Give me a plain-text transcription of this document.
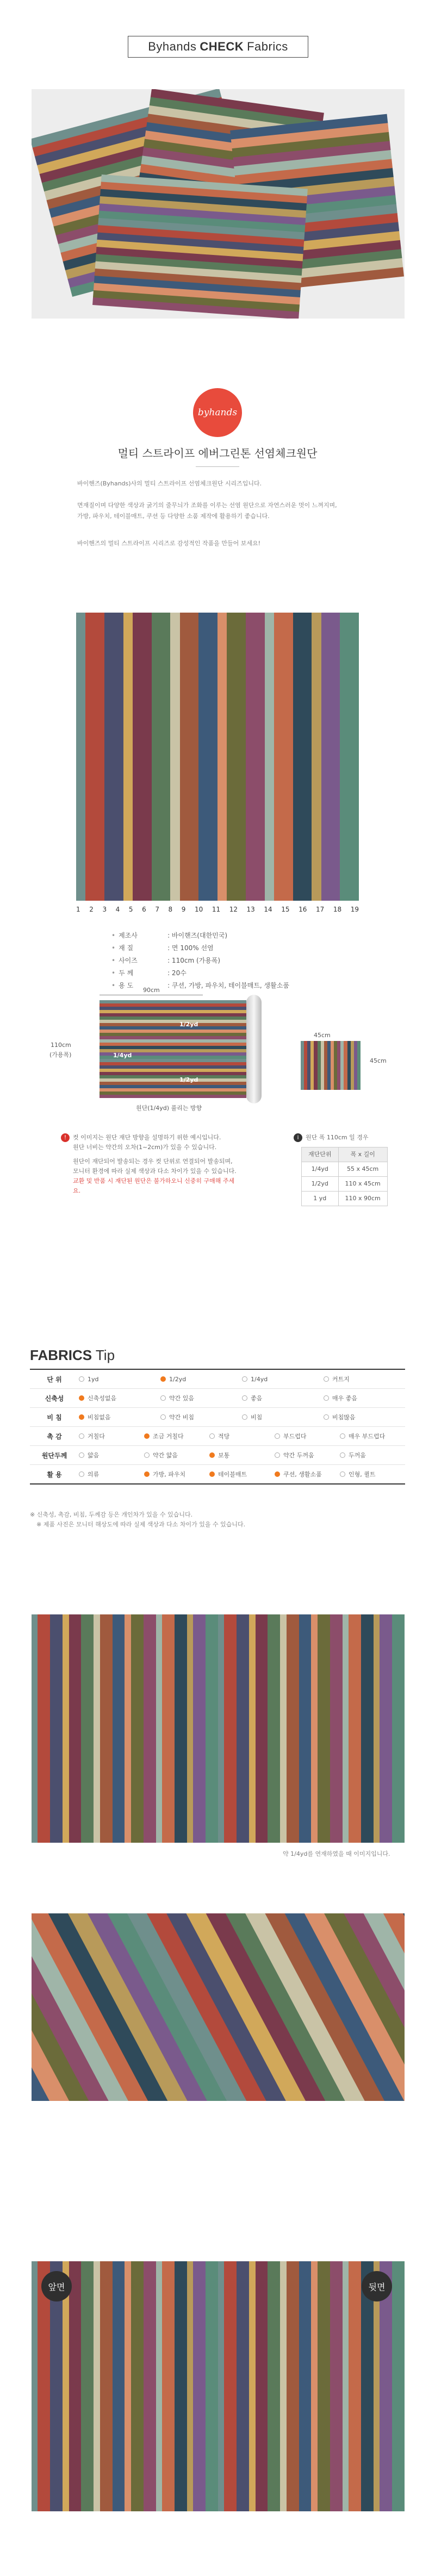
Byhands CHECK Fabrics
byhands
멀티 스트라이프 에버그린톤 선염체크원단
바이핸즈(Byhands)사의 멀티 스트라이프 선염체크원단 시리즈입니다.
면재질이며 다양한 색상과 굵기의 줄무늬가 조화를 이루는 선염 원단으로 자연스러운 멋이 느껴지며,
가방, 파우치, 테이블매트, 쿠션 등 다양한 소품 제작에 활용하기 좋습니다.
바이핸즈의 멀티 스트라이프 시리즈로 감성적인 작품을 만들어 보세요!
1 2 3 4 5 6 7 8 9 10 11 12 13 14 15 16 17 18 19
• 제조사	: 바이핸즈(대한민국)
• 재 질	: 면 100% 선염
• 사이즈	: 110cm (가용폭)
• 두 께	: 20수
• 용 도	: 쿠션, 가방, 파우치, 테이블매트, 생활소품
90cm
110cm
(가용폭)
1/2yd
1/4yd
1/2yd
원단(1/4yd) 풀리는 방향
45cm
45cm
! 컷 이미지는 원단 재단 방향을 설명하기 위한 예시입니다.
원단 너비는 약간의 오차(1~2cm)가 있을 수 있습니다.
원단이 재단되어 발송되는 경우 컷 단위로 연결되어 발송되며,
모니터 환경에 따라 실제 색상과 다소 차이가 있을 수 있습니다.
교환 및 반품 시 재단된 원단은 불가하오니 신중히 구매해 주세요.
i 원단 폭 110cm 일 경우
재단단위	폭 x 길이
1/4yd	55 x 45cm
1/2yd	110 x 45cm
1 yd	110 x 90cm
FABRICS Tip
단 위	1yd	1/2yd	1/4yd	커트지
신축성	신축성없음	약간 있음	좋음	매우 좋음
비 침	비침없음	약간 비침	비침	비침많음
촉 감	거칠다	조금 거칠다	적당	부드럽다	매우 부드럽다
원단두께	얇음	약간 얇음	보통	약간 두꺼움	두꺼움
활 용	의류	가방, 파우치	테이블매트	쿠션, 생활소품	인형, 퀼트
※ 신축성, 촉감, 비침, 두께감 등은 개인차가 있을 수 있습니다.
※ 제품 사진은 모니터 해상도에 따라 실제 색상과 다소 차이가 있을 수 있습니다.
약 1/4yd를 연재하였을 때 이미지입니다.
앞면	뒷면
